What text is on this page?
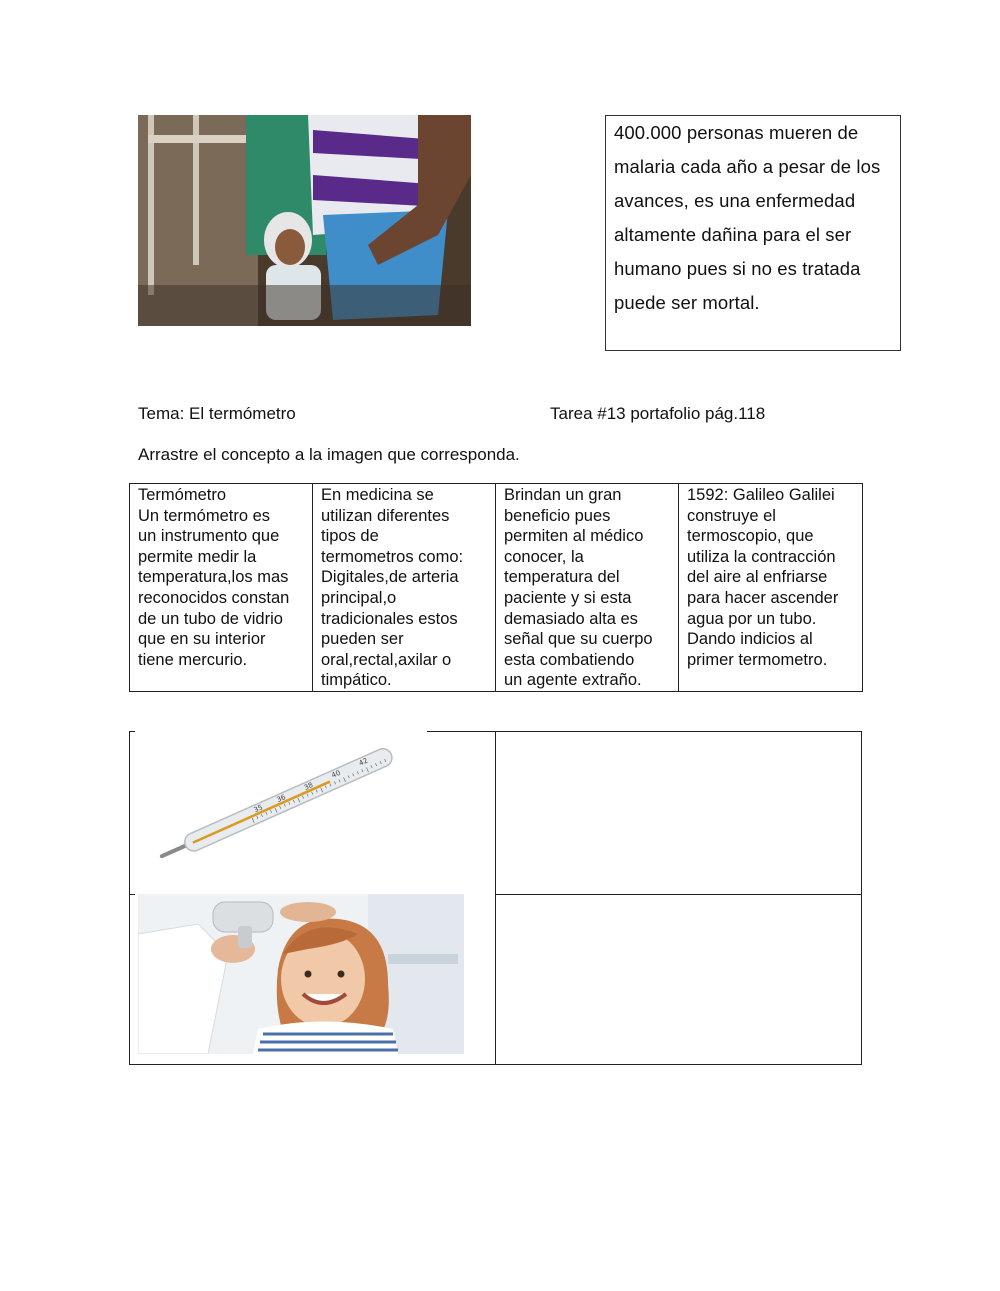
400.000 personas mueren de

malaria cada año a pesar de los

avances, es una enfermedad

altamente dañina para el ser

humano pues si no es tratada

puede ser mortal.

Tema: El termómetro	Tarea #13 portafolio pág.118
Arrastre el concepto a la imagen que corresponda.
Termómetro
Un termómetro es
un instrumento que
permite medir la
temperatura,los mas
reconocidos constan
de un tubo de vidrio
que en su interior
tiene mercurio.	En medicina se
utilizan diferentes
tipos de
termometros como:
Digitales,de arteria
principal,o
tradicionales estos
pueden ser
oral,rectal,axilar o
timpático.	Brindan un gran
beneficio pues
permiten al médico
conocer, la
temperatura del
paciente y si esta
demasiado alta es
señal que su cuerpo
esta combatiendo
un agente extraño.	1592: Galileo Galilei
construye el
termoscopio, que
utiliza la contracción
del aire al enfriarse
para hacer ascender
agua por un tubo.
Dando indicios al
primer termometro.
35
36
38
40
42
